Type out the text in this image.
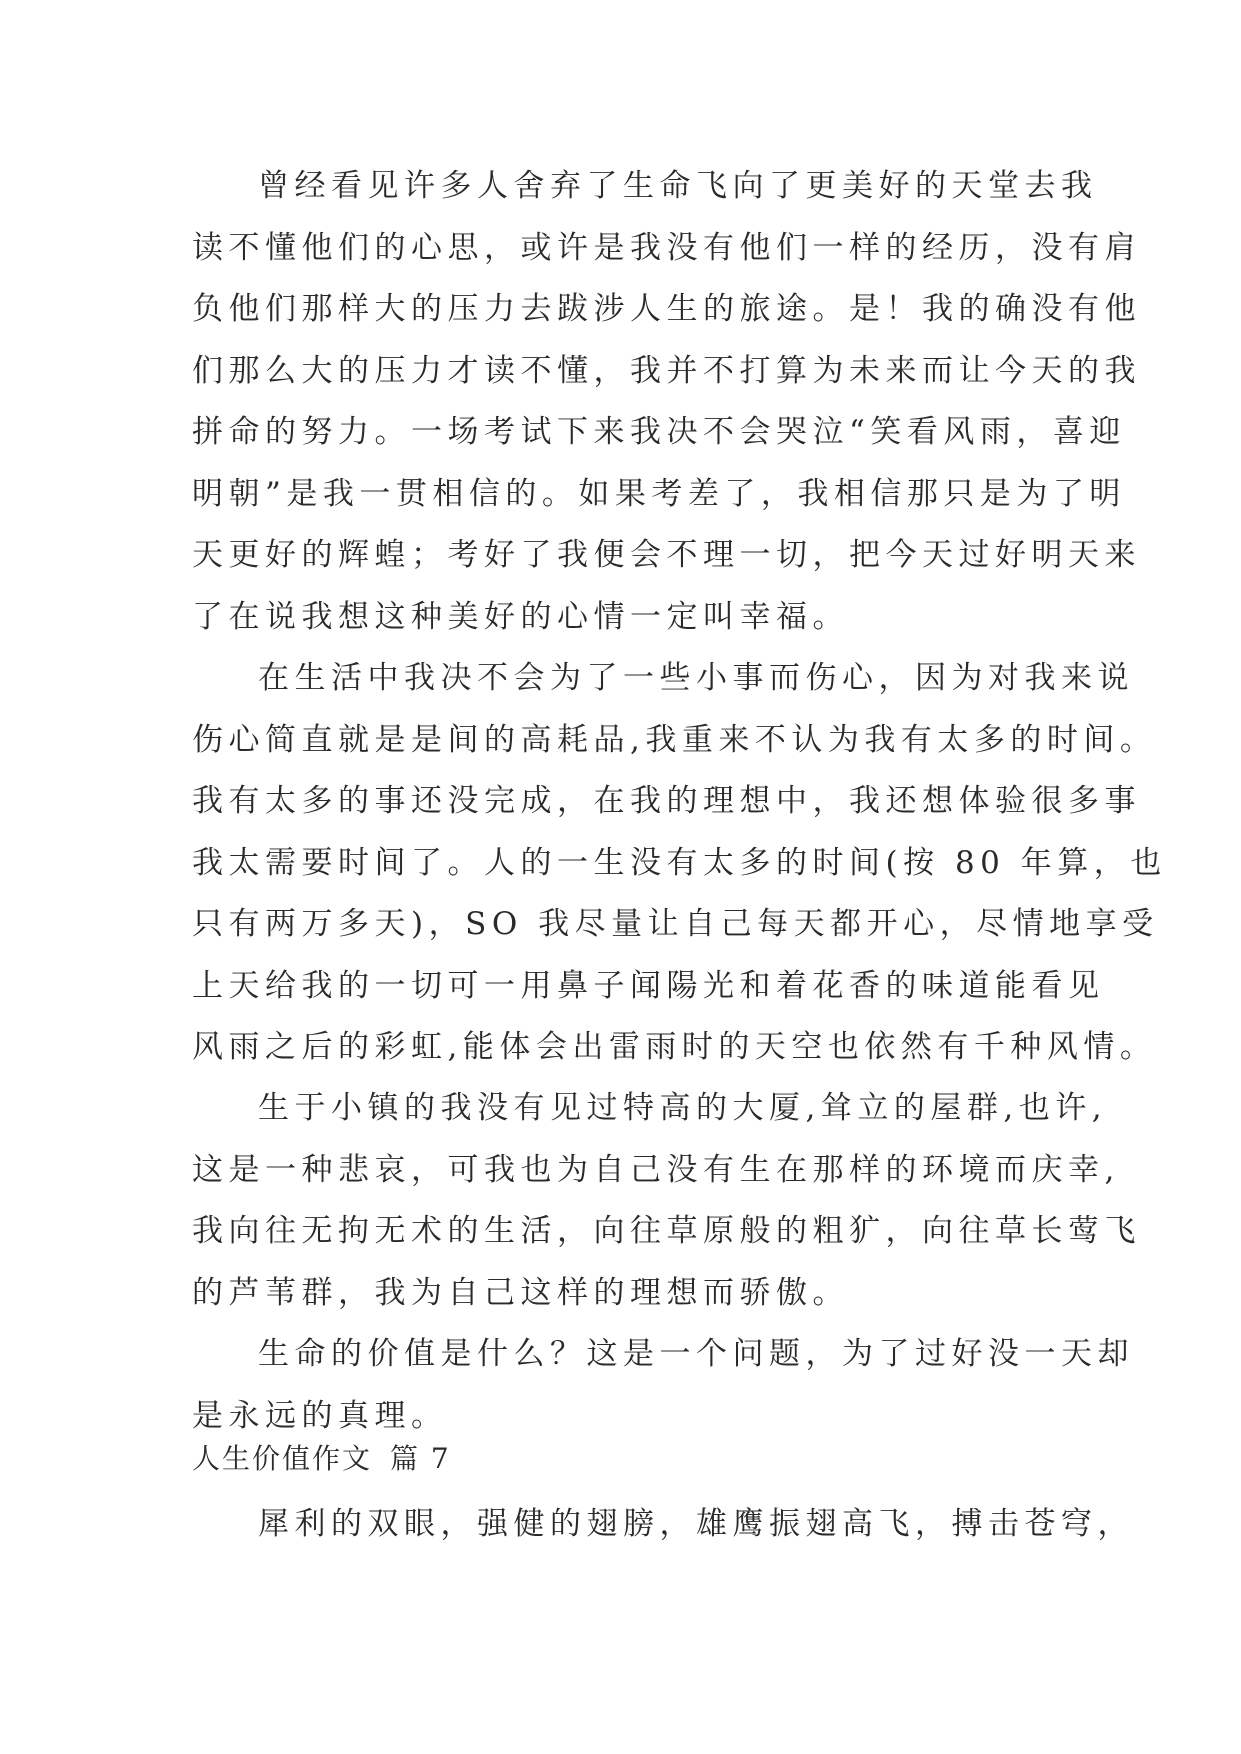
曾经看见许多人舍弃了生命飞向了更美好的天堂去我
读不懂他们的心思，或许是我没有他们一样的经历，没有肩
负他们那样大的压力去跋涉人生的旅途。是！我的确没有他
们那么大的压力才读不懂，我并不打算为未来而让今天的我
拼命的努力。一场考试下来我决不会哭泣“笑看风雨，喜迎
明朝”是我一贯相信的。如果考差了，我相信那只是为了明
天更好的辉蝗；考好了我便会不理一切，把今天过好明天来
了在说我想这种美好的心情一定叫幸福。
在生活中我决不会为了一些小事而伤心，因为对我来说
伤心简直就是是间的高耗品,我重来不认为我有太多的时间。
我有太多的事还没完成，在我的理想中，我还想体验很多事
我太需要时间了。人的一生没有太多的时间(按 80 年算，也
只有两万多天)，SO 我尽量让自己每天都开心，尽情地享受
上天给我的一切可一用鼻子闻陽光和着花香的味道能看见
风雨之后的彩虹,能体会出雷雨时的天空也依然有千种风情。
生于小镇的我没有见过特高的大厦,耸立的屋群,也许,
这是一种悲哀，可我也为自己没有生在那样的环境而庆幸,
我向往无拘无术的生活，向往草原般的粗犷，向往草长莺飞
的芦苇群，我为自己这样的理想而骄傲。
生命的价值是什么？这是一个问题，为了过好没一天却
是永远的真理。
人生价值作文 篇 7
犀利的双眼，强健的翅膀，雄鹰振翅高飞，搏击苍穹，
